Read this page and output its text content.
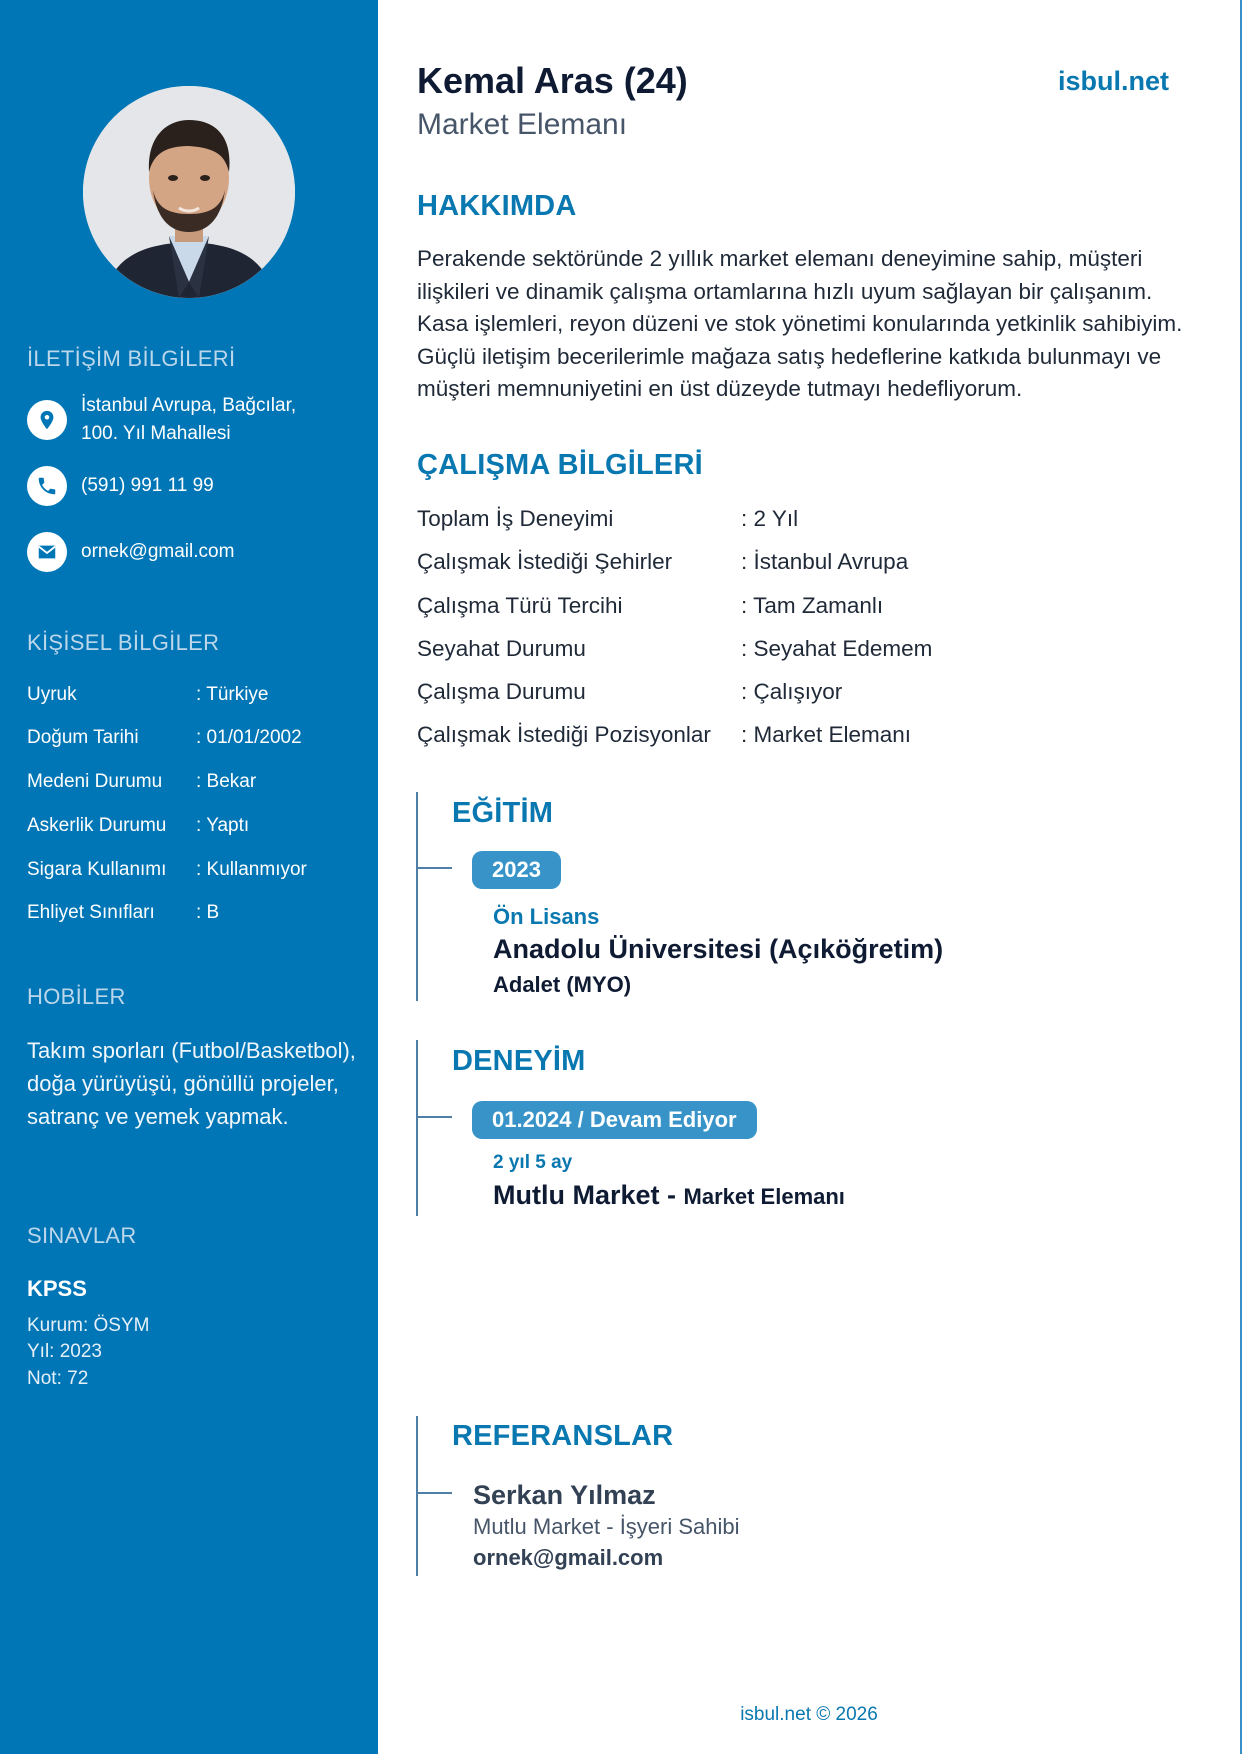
İLETİŞİM BİLGİLERİ
İstanbul Avrupa, Bağcılar,
100. Yıl Mahallesi
(591) 991 11 99
ornek@gmail.com
KİŞİSEL BİLGİLER
Uyruk	: Türkiye
Doğum Tarihi	: 01/01/2002
Medeni Durumu	: Bekar
Askerlik Durumu	: Yaptı
Sigara Kullanımı	: Kullanmıyor
Ehliyet Sınıfları	: B
HOBİLER
Takım sporları (Futbol/Basketbol), doğa yürüyüşü, gönüllü projeler, satranç ve yemek yapmak.
SINAVLAR
KPSS
Kurum: ÖSYM
Yıl: 2023
Not: 72
Kemal Aras (24)
Market Elemanı
isbul.net
HAKKIMDA
Perakende sektöründe 2 yıllık market elemanı deneyimine sahip, müşteri ilişkileri ve dinamik çalışma ortamlarına hızlı uyum sağlayan bir çalışanım. Kasa işlemleri, reyon düzeni ve stok yönetimi konularında yetkinlik sahibiyim. Güçlü iletişim becerilerimle mağaza satış hedeflerine katkıda bulunmayı ve müşteri memnuniyetini en üst düzeyde tutmayı hedefliyorum.
ÇALIŞMA BİLGİLERİ
Toplam İş Deneyimi	: 2 Yıl
Çalışmak İstediği Şehirler	: İstanbul Avrupa
Çalışma Türü Tercihi	: Tam Zamanlı
Seyahat Durumu	: Seyahat Edemem
Çalışma Durumu	: Çalışıyor
Çalışmak İstediği Pozisyonlar	: Market Elemanı
EĞİTİM
2023
Ön Lisans
Anadolu Üniversitesi (Açıköğretim)
Adalet (MYO)
DENEYİM
01.2024 / Devam Ediyor
2 yıl 5 ay
Mutlu Market - Market Elemanı
REFERANSLAR
Serkan Yılmaz
Mutlu Market - İşyeri Sahibi
ornek@gmail.com
isbul.net © 2026
